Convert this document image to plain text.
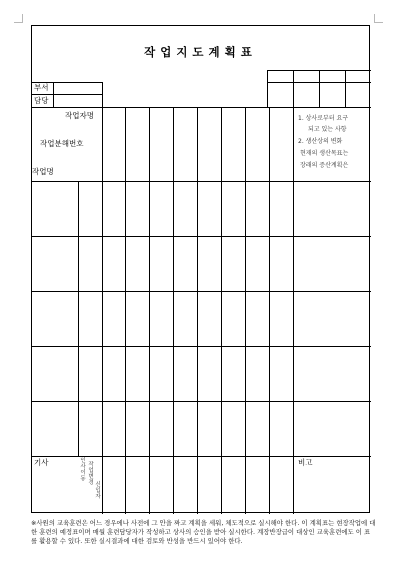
작업지도계획표
부서
담당
작업자명
작업분해번호
작업명
1. 상사로부터 요구
되고 있는 사항
2. 생산상의 변화
현재의 생산목표는
장래의 증산계획은
기사	비고
인사이동
작업변경 신입자
※사원의 교육훈련은 어느 경우에나 사전에 그 안을 짜고 계획을 세워, 체도적으로 실시해야 한다. 이 계획표는 현장작업에 대한 훈련의 예정표이며 매월 훈련담당자가 작성하고 상사의 승인을 받아 실시한다. 계장반장급이 대상인 교육훈련에도 이 표를 활용할 수 있다. 또한 실시결과에 대한 검토와 반성을 반드시 있어야 한다.
